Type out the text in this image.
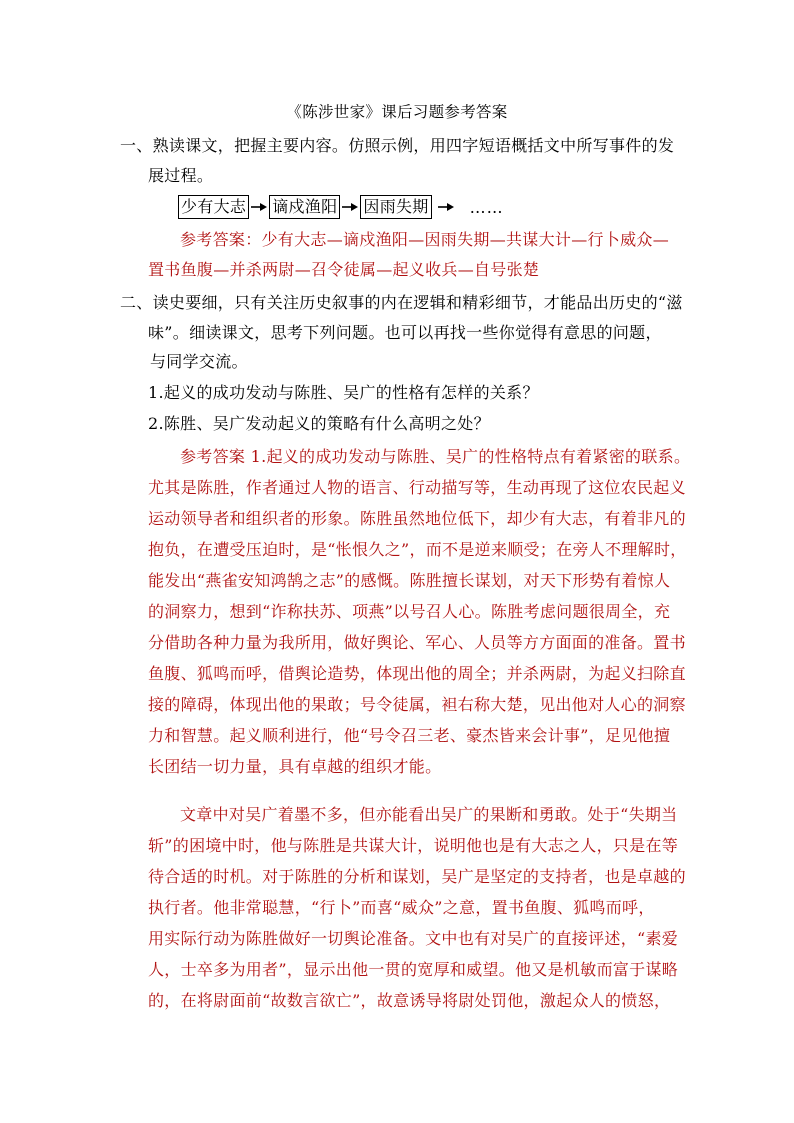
《陈涉世家》课后习题参考答案
一、熟读课文，把握主要内容。仿照示例，用四字短语概括文中所写事件的发
展过程。
少有大志 谪戍渔阳 因雨失期	……
参考答案：少有大志—谪戍渔阳—因雨失期—共谋大计—行卜威众—
置书鱼腹—并杀两尉—召令徒属—起义收兵—自号张楚
二、读史要细，只有关注历史叙事的内在逻辑和精彩细节，才能品出历史的“滋
味”。细读课文，思考下列问题。也可以再找一些你觉得有意思的问题，
与同学交流。
1.起义的成功发动与陈胜、吴广的性格有怎样的关系？
2.陈胜、吴广发动起义的策略有什么高明之处？
参考答案 1.起义的成功发动与陈胜、吴广的性格特点有着紧密的联系。
尤其是陈胜，作者通过人物的语言、行动描写等，生动再现了这位农民起义
运动领导者和组织者的形象。陈胜虽然地位低下，却少有大志，有着非凡的
抱负，在遭受压迫时，是“怅恨久之”，而不是逆来顺受；在旁人不理解时，
能发出“燕雀安知鸿鹄之志”的感慨。陈胜擅长谋划，对天下形势有着惊人
的洞察力，想到“诈称扶苏、项燕”以号召人心。陈胜考虑问题很周全，充
分借助各种力量为我所用，做好舆论、军心、人员等方方面面的准备。置书
鱼腹、狐鸣而呼，借舆论造势，体现出他的周全；并杀两尉，为起义扫除直
接的障碍，体现出他的果敢；号令徒属，袒右称大楚，见出他对人心的洞察
力和智慧。起义顺利进行，他“号令召三老、豪杰皆来会计事”，足见他擅
长团结一切力量，具有卓越的组织才能。
文章中对吴广着墨不多，但亦能看出吴广的果断和勇敢。处于“失期当
斩”的困境中时，他与陈胜是共谋大计，说明他也是有大志之人，只是在等
待合适的时机。对于陈胜的分析和谋划，吴广是坚定的支持者，也是卓越的
执行者。他非常聪慧，“行卜”而喜“威众”之意，置书鱼腹、狐鸣而呼，
用实际行动为陈胜做好一切舆论准备。文中也有对吴广的直接评述，“素爱
人，士卒多为用者”，显示出他一贯的宽厚和威望。他又是机敏而富于谋略
的，在将尉面前“故数言欲亡”，故意诱导将尉处罚他，激起众人的愤怒，
